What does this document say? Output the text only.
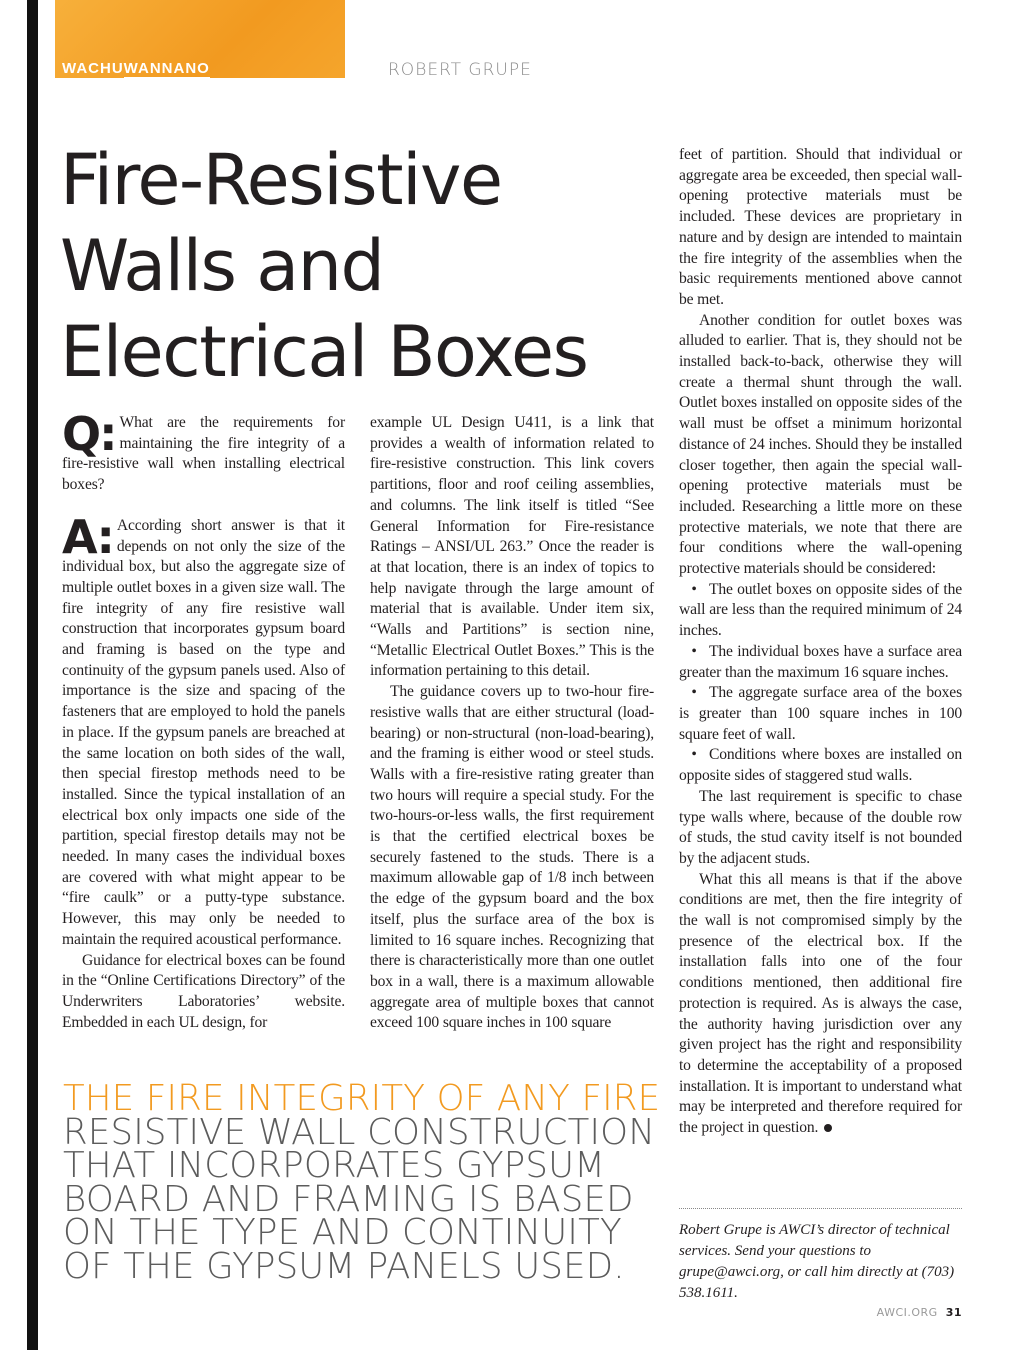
WACHUWANNANO	ROBERT GRUPE
Fire-Resistive
Walls and
Electrical Boxes
Q: What are the requirements for maintaining the fire integrity of a fire-resistive wall when installing electrical boxes?

A: According short answer is that it depends on not only the size of the individual box, but also the aggregate size of multiple outlet boxes in a given size wall. The fire integrity of any fire resistive wall construction that incorporates gypsum board and framing is based on the type and continuity of the gypsum panels used. Also of importance is the size and spacing of the fasteners that are employed to hold the panels in place. If the gypsum panels are breached at the same location on both sides of the wall, then special firestop methods need to be installed. Since the typical installation of an electrical box only impacts one side of the partition, special firestop details may not be needed. In many cases the individual boxes are covered with what might appear to be “fire caulk” or a putty-type substance. However, this may only be needed to maintain the required acoustical performance.

Guidance for electrical boxes can be found in the “Online Certifications Directory” of the Underwriters Laboratories’ website. Embedded in each UL design, for

example UL Design U411, is a link that provides a wealth of information related to fire-resistive construction. This link covers partitions, floor and roof ceiling assemblies, and columns. The link itself is titled “See General Information for Fire-resistance Ratings – ANSI/UL 263.” Once the reader is at that location, there is an index of topics to help navigate through the large amount of material that is available. Under item six, “Walls and Partitions” is section nine, “Metallic Electrical Outlet Boxes.” This is the information pertaining to this detail.

The guidance covers up to two-hour fire-resistive walls that are either structural (load-bearing) or non-structural (non-load-bearing), and the framing is either wood or steel studs. Walls with a fire-resistive rating greater than two hours will require a special study. For the two-hours-or-less walls, the first requirement is that the certified electrical boxes be securely fastened to the studs. There is a maximum allowable gap of 1/8 inch between the edge of the gypsum board and the box itself, plus the surface area of the box is limited to 16 square inches. Recognizing that there is characteristically more than one outlet box in a wall, there is a maximum allowable aggregate area of multiple boxes that cannot exceed 100 square inches in 100 square

feet of partition. Should that individual or aggregate area be exceeded, then special wall-opening protective materials must be included. These devices are proprietary in nature and by design are intended to maintain the fire integrity of the assemblies when the basic requirements mentioned above cannot be met.

Another condition for outlet boxes was alluded to earlier. That is, they should not be installed back-to-back, otherwise they will create a thermal shunt through the wall. Outlet boxes installed on opposite sides of the wall must be offset a minimum horizontal distance of 24 inches. Should they be installed closer together, then again the special wall-opening protective materials must be included. Researching a little more on these protective materials, we note that there are four conditions where the wall-opening protective materials should be considered:

• The outlet boxes on opposite sides of the wall are less than the required minimum of 24 inches.

• The individual boxes have a surface area greater than the maximum 16 square inches.

• The aggregate surface area of the boxes is greater than 100 square inches in 100 square feet of wall.

• Conditions where boxes are installed on opposite sides of staggered stud walls.

The last requirement is specific to chase type walls where, because of the double row of studs, the stud cavity itself is not bounded by the adjacent studs.

What this all means is that if the above conditions are met, then the fire integrity of the wall is not compromised simply by the presence of the electrical box. If the installation falls into one of the four conditions mentioned, then additional fire protection is required. As is always the case, the authority having jurisdiction over any given project has the right and responsibility to determine the acceptability of a proposed installation. It is important to understand what may be interpreted and therefore required for the project in question.

Robert Grupe is AWCI’s director of technical services. Send your questions to grupe@awci.org, or call him directly at (703) 538.1611.

THE FIRE INTEGRITY OF ANY FIRE RESISTIVE WALL CONSTRUCTION THAT INCORPORATES GYPSUM BOARD AND FRAMING IS BASED ON THE TYPE AND CONTINUITY OF THE GYPSUM PANELS USED.
AWCI.ORG 31
